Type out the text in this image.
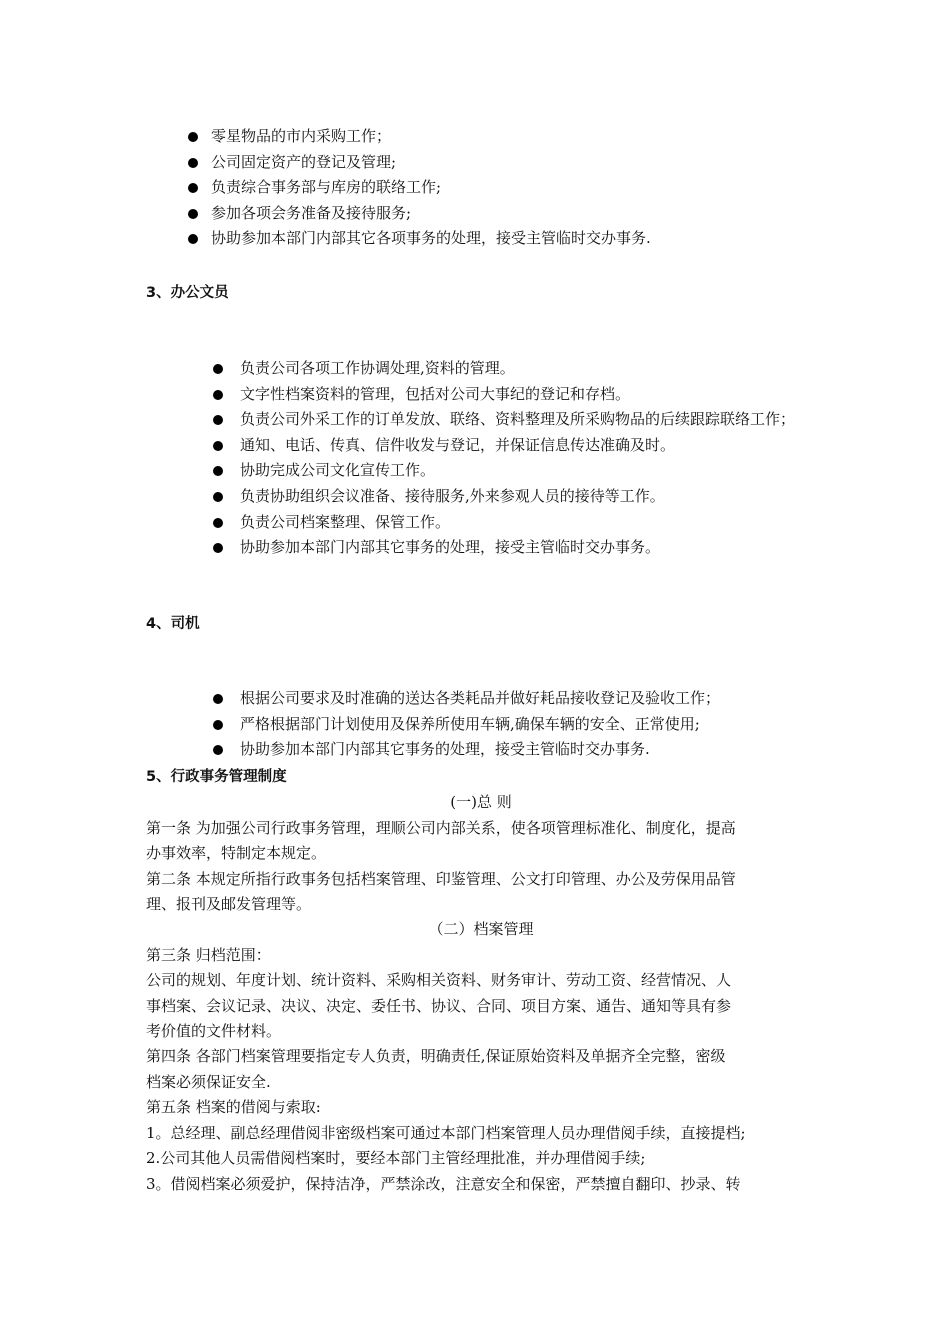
零星物品的市内采购工作；
公司固定资产的登记及管理;
负责综合事务部与库房的联络工作;
参加各项会务准备及接待服务;
协助参加本部门内部其它各项事务的处理，接受主管临时交办事务.
3、办公文员
负责公司各项工作协调处理,资料的管理。
文字性档案资料的管理，包括对公司大事纪的登记和存档。
负责公司外采工作的订单发放、联络、资料整理及所采购物品的后续跟踪联络工作；
通知、电话、传真、信件收发与登记，并保证信息传达准确及时。
协助完成公司文化宣传工作。
负责协助组织会议准备、接待服务,外来参观人员的接待等工作。
负责公司档案整理、保管工作。
协助参加本部门内部其它事务的处理，接受主管临时交办事务。
4、司机
根据公司要求及时准确的送达各类耗品并做好耗品接收登记及验收工作；
严格根据部门计划使用及保养所使用车辆,确保车辆的安全、正常使用;
协助参加本部门内部其它事务的处理，接受主管临时交办事务.
5、行政事务管理制度
(一)总 则
第一条 为加强公司行政事务管理，理顺公司内部关系，使各项管理标准化、制度化，提高
办事效率，特制定本规定。
第二条 本规定所指行政事务包括档案管理、印鉴管理、公文打印管理、办公及劳保用品管
理、报刊及邮发管理等。
（二）档案管理
第三条 归档范围：
公司的规划、年度计划、统计资料、采购相关资料、财务审计、劳动工资、经营情况、人
事档案、会议记录、决议、决定、委任书、协议、合同、项目方案、通告、通知等具有参
考价值的文件材料。
第四条 各部门档案管理要指定专人负责，明确责任,保证原始资料及单据齐全完整，密级
档案必须保证安全.
第五条 档案的借阅与索取:
1。总经理、副总经理借阅非密级档案可通过本部门档案管理人员办理借阅手续，直接提档;
2.公司其他人员需借阅档案时，要经本部门主管经理批准，并办理借阅手续;
3。借阅档案必须爱护，保持洁净，严禁涂改，注意安全和保密，严禁擅自翻印、抄录、转
